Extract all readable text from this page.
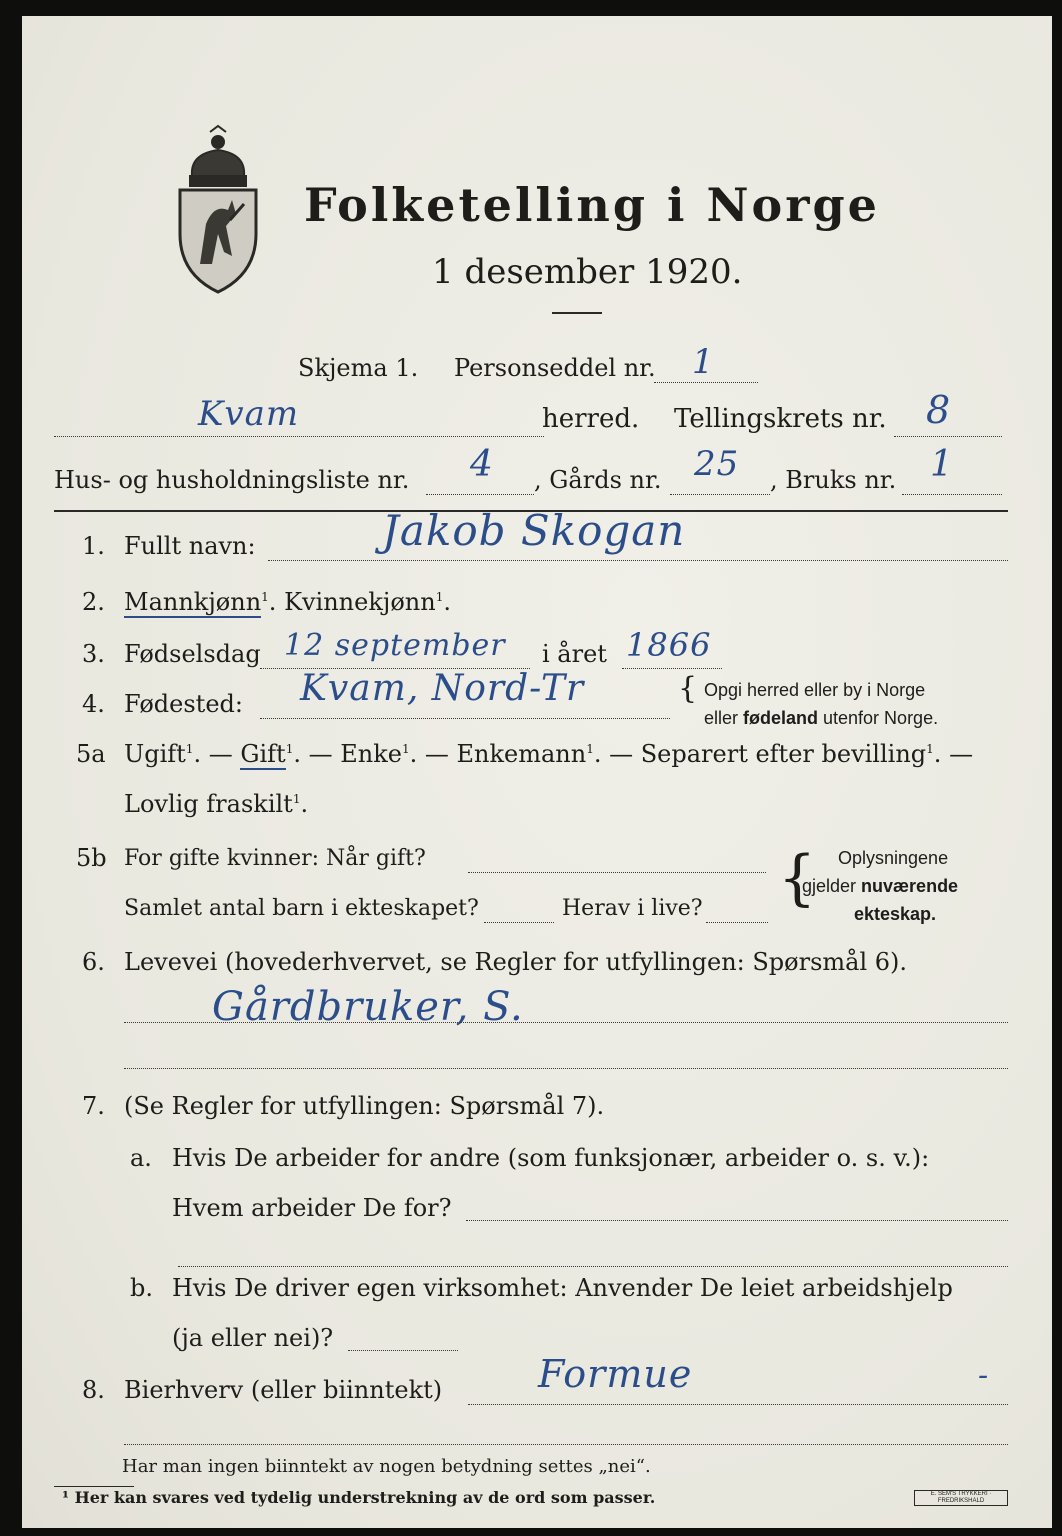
Folketelling i Norge
1 desember 1920.
Skjema 1. Personseddel nr. 1
Kvam	herred. Tellingskrets nr. 8
Hus- og husholdningsliste nr. 4 , Gårds nr. 25 , Bruks nr. 1
1. Fullt navn:	Jakob Skogan
2. Mannkjønn$^1$. Kvinnekjønn$^1$.
3. Fødselsdag 12 september i året 1866
4. Fødested: Kvam, Nord-Tr	{ Opgi herred eller by i Norge
eller fødeland utenfor Norge.
5a Ugift$^1$. — Gift$^1$. — Enke$^1$. — Enkemann$^1$. — Separert efter bevilling$^1$. —
Lovlig fraskilt$^1$.
5b For gifte kvinner: Når gift?
Samlet antal barn i ekteskapet?	Herav i live? { Oplysningene
gjelder nuværende
ekteskap.
6. Levevei (hovederhvervet, se Regler for utfyllingen: Spørsmål 6).
Gårdbruker, S.
7. (Se Regler for utfyllingen: Spørsmål 7).
a. Hvis De arbeider for andre (som funksjonær, arbeider o. s. v.):
Hvem arbeider De for?
b. Hvis De driver egen virksomhet: Anvender De leiet arbeidshjelp
(ja eller nei)?
8. Bierhverv (eller biinntekt)	Formue	-
Har man ingen biinntekt av nogen betydning settes „nei“.
¹ Her kan svares ved tydelig understrekning av de ord som passer.	E. SEM'S TRYKKERI · FREDRIKSHALD
